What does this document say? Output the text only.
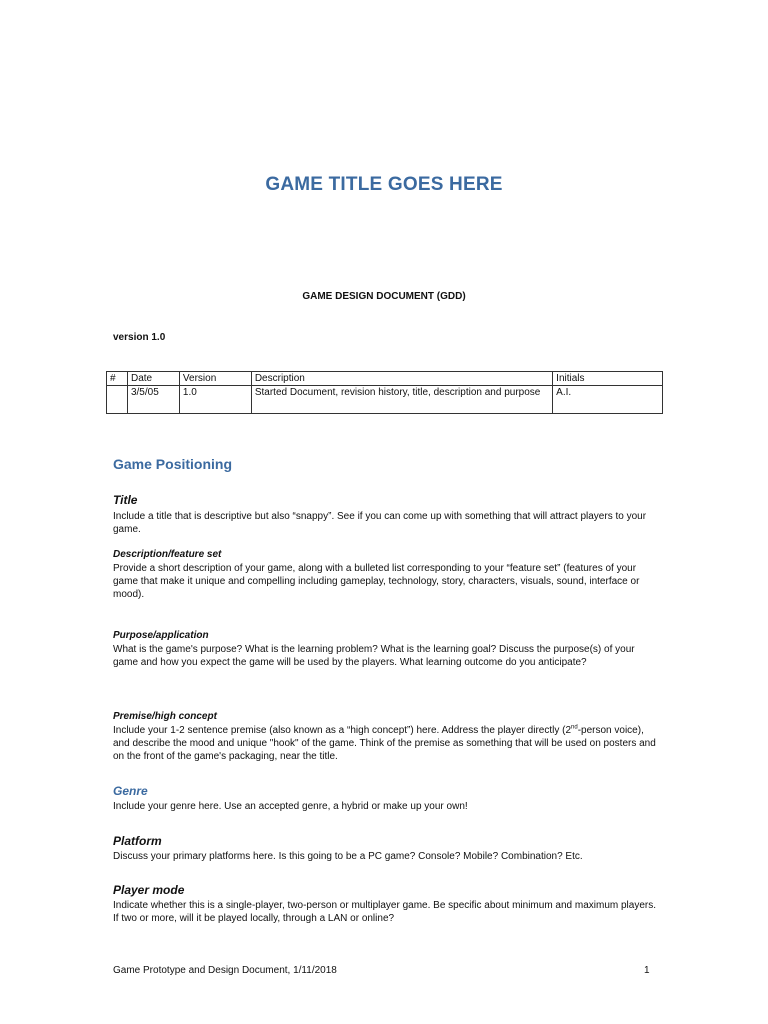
GAME TITLE GOES HERE
GAME DESIGN DOCUMENT (GDD)
version 1.0
#	Date	Version	Description	Initials
	3/5/05	1.0	Started Document, revision history, title, description and purpose	A.I.
Game Positioning
Title
Include a title that is descriptive but also “snappy”. See if you can come up with something that will attract players to your game.
Description/feature set
Provide a short description of your game, along with a bulleted list corresponding to your “feature set” (features of your game that make it unique and compelling including gameplay, technology, story, characters, visuals, sound, interface or mood).
Purpose/application
What is the game's purpose? What is the learning problem? What is the learning goal? Discuss the purpose(s) of your game and how you expect the game will be used by the players. What learning outcome do you anticipate?
Premise/high concept
Include your 1-2 sentence premise (also known as a “high concept”) here. Address the player directly (2nd-person voice), and describe the mood and unique "hook" of the game. Think of the premise as something that will be used on posters and on the front of the game's packaging, near the title.
Genre
Include your genre here. Use an accepted genre, a hybrid or make up your own!
Platform
Discuss your primary platforms here. Is this going to be a PC game? Console? Mobile? Combination? Etc.
Player mode
Indicate whether this is a single-player, two-person or multiplayer game. Be specific about minimum and maximum players. If two or more, will it be played locally, through a LAN or online?
Game Prototype and Design Document, 1/11/2018	1
